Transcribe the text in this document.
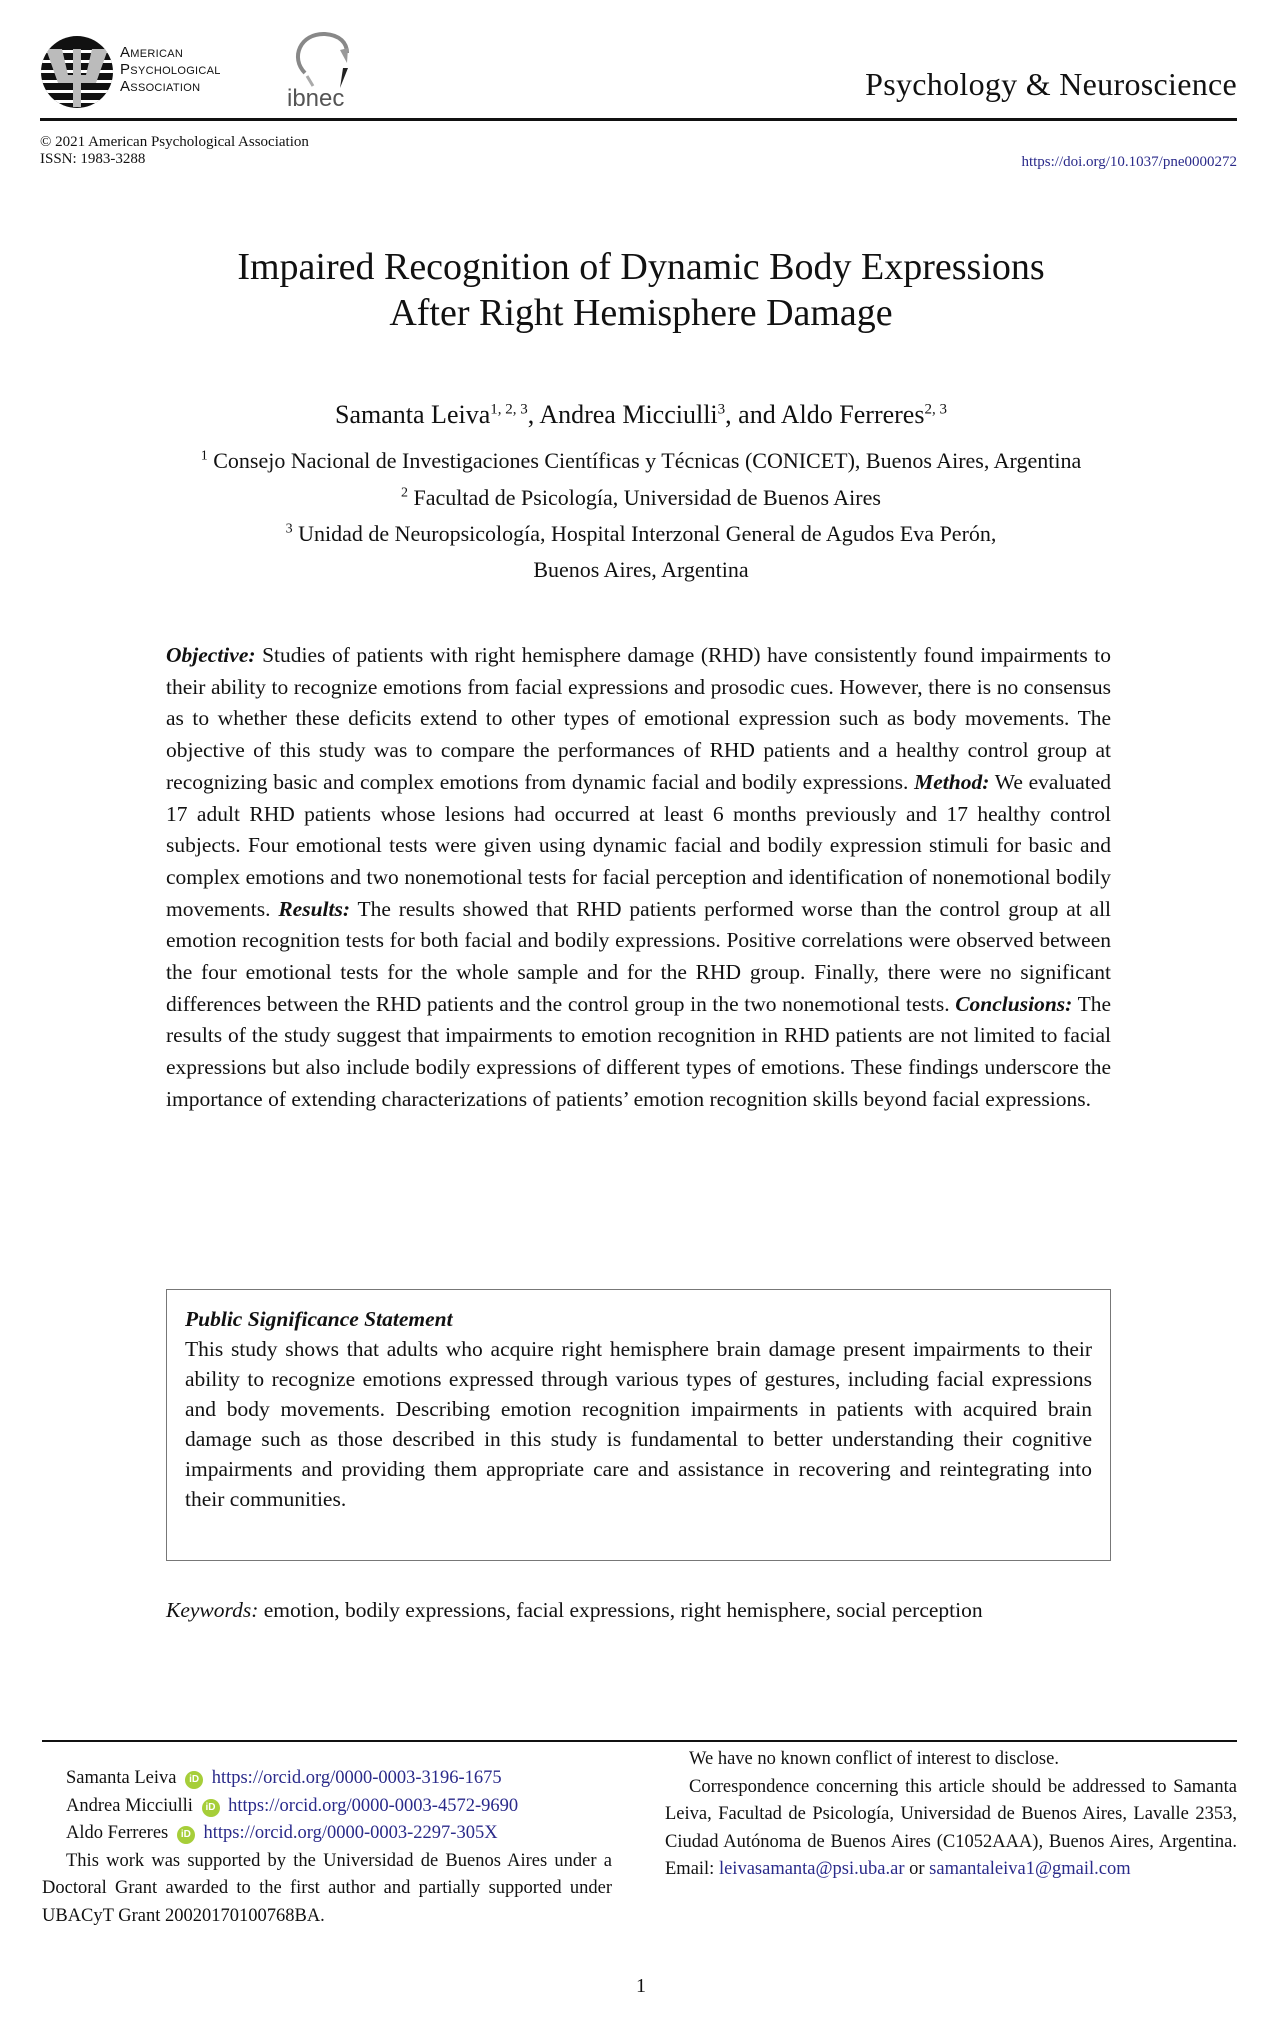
American
Psychological
Association	ibnec	Psychology & Neuroscience
© 2021 American Psychological Association
ISSN: 1983-3288	https://doi.org/10.1037/pne0000272
Impaired Recognition of Dynamic Body Expressions
After Right Hemisphere Damage
Samanta Leiva$^{1, 2, 3}$, Andrea Micciulli$^3$, and Aldo Ferreres$^{2, 3}$
$^1$ Consejo Nacional de Investigaciones Científicas y Técnicas (CONICET), Buenos Aires, Argentina
$^2$ Facultad de Psicología, Universidad de Buenos Aires
$^3$ Unidad de Neuropsicología, Hospital Interzonal General de Agudos Eva Perón,
Buenos Aires, Argentina
Objective: Studies of patients with right hemisphere damage (RHD) have consistently found impairments to their ability to recognize emotions from facial expressions and prosodic cues. However, there is no consensus as to whether these deficits extend to other types of emotional expression such as body movements. The objective of this study was to compare the performances of RHD patients and a healthy control group at recognizing basic and complex emotions from dynamic facial and bodily expressions. Method: We evaluated 17 adult RHD patients whose lesions had occurred at least 6 months previously and 17 healthy control subjects. Four emotional tests were given using dynamic facial and bodily expression stimuli for basic and complex emotions and two nonemotional tests for facial perception and identification of nonemotional bodily movements. Results: The results showed that RHD patients performed worse than the control group at all emotion recognition tests for both facial and bodily expressions. Positive correlations were observed between the four emotional tests for the whole sample and for the RHD group. Finally, there were no significant differences between the RHD patients and the control group in the two nonemotional tests. Conclusions: The results of the study suggest that impairments to emotion recognition in RHD patients are not limited to facial expressions but also include bodily expressions of different types of emotions. These findings underscore the importance of extending characterizations of patients’ emotion recognition skills beyond facial expressions.
Public Significance Statement
This study shows that adults who acquire right hemisphere brain damage present impairments to their ability to recognize emotions expressed through various types of gestures, including facial expressions and body movements. Describing emotion recognition impairments in patients with acquired brain damage such as those described in this study is fundamental to better understanding their cognitive impairments and providing them appropriate care and assistance in recovering and reintegrating into their communities.
Keywords: emotion, bodily expressions, facial expressions, right hemisphere, social perception
Samanta Leiva iD https://orcid.org/0000-0003-3196-1675
Andrea Micciulli iD https://orcid.org/0000-0003-4572-9690
Aldo Ferreres iD https://orcid.org/0000-0003-2297-305X
This work was supported by the Universidad de Buenos Aires under a Doctoral Grant awarded to the first author and partially supported under UBACyT Grant 20020170100768BA.
We have no known conflict of interest to disclose.
Correspondence concerning this article should be addressed to Samanta Leiva, Facultad de Psicología, Universidad de Buenos Aires, Lavalle 2353, Ciudad Autónoma de Buenos Aires (C1052AAA), Buenos Aires, Argentina. Email: leivasamanta@psi.uba.ar or samantaleiva1@gmail.com
1
